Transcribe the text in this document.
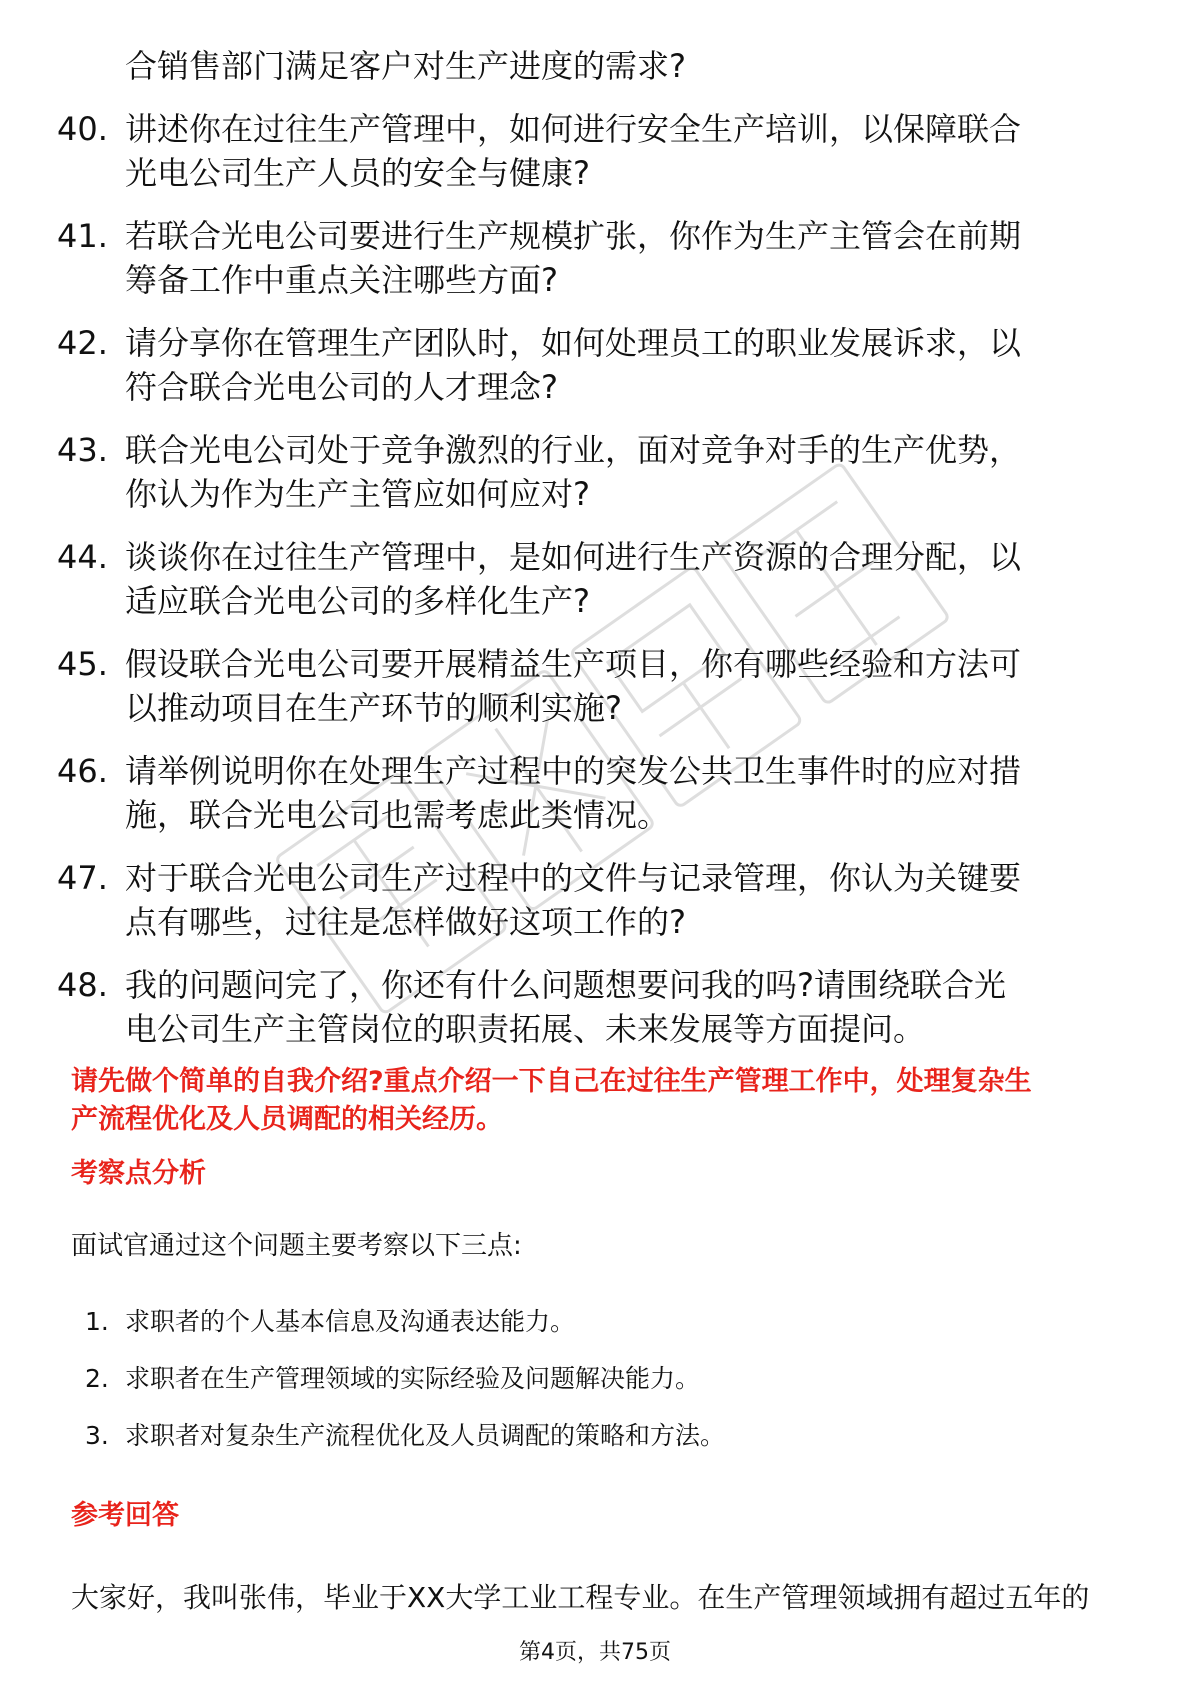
合销售部门满足客户对生产进度的需求?
40. 讲述你在过往生产管理中，如何进行安全生产培训，以保障联合
光电公司生产人员的安全与健康?
41. 若联合光电公司要进行生产规模扩张，你作为生产主管会在前期
筹备工作中重点关注哪些方面?
42. 请分享你在管理生产团队时，如何处理员工的职业发展诉求，以
符合联合光电公司的人才理念?
43. 联合光电公司处于竞争激烈的行业，面对竞争对手的生产优势，
你认为作为生产主管应如何应对?
44. 谈谈你在过往生产管理中，是如何进行生产资源的合理分配，以
适应联合光电公司的多样化生产?
45. 假设联合光电公司要开展精益生产项目，你有哪些经验和方法可
以推动项目在生产环节的顺利实施?
46. 请举例说明你在处理生产过程中的突发公共卫生事件时的应对措
施，联合光电公司也需考虑此类情况。
47. 对于联合光电公司生产过程中的文件与记录管理，你认为关键要
点有哪些，过往是怎样做好这项工作的?
48. 我的问题问完了，你还有什么问题想要问我的吗?请围绕联合光
电公司生产主管岗位的职责拓展、未来发展等方面提问。
请先做个简单的自我介绍?重点介绍一下自己在过往生产管理工作中，处理复杂生
产流程优化及人员调配的相关经历。
考察点分析
面试官通过这个问题主要考察以下三点:
1. 求职者的个人基本信息及沟通表达能力。
2. 求职者在生产管理领域的实际经验及问题解决能力。
3. 求职者对复杂生产流程优化及人员调配的策略和方法。
参考回答
大家好，我叫张伟，毕业于XX大学工业工程专业。在生产管理领域拥有超过五年的
第4页，共75页
